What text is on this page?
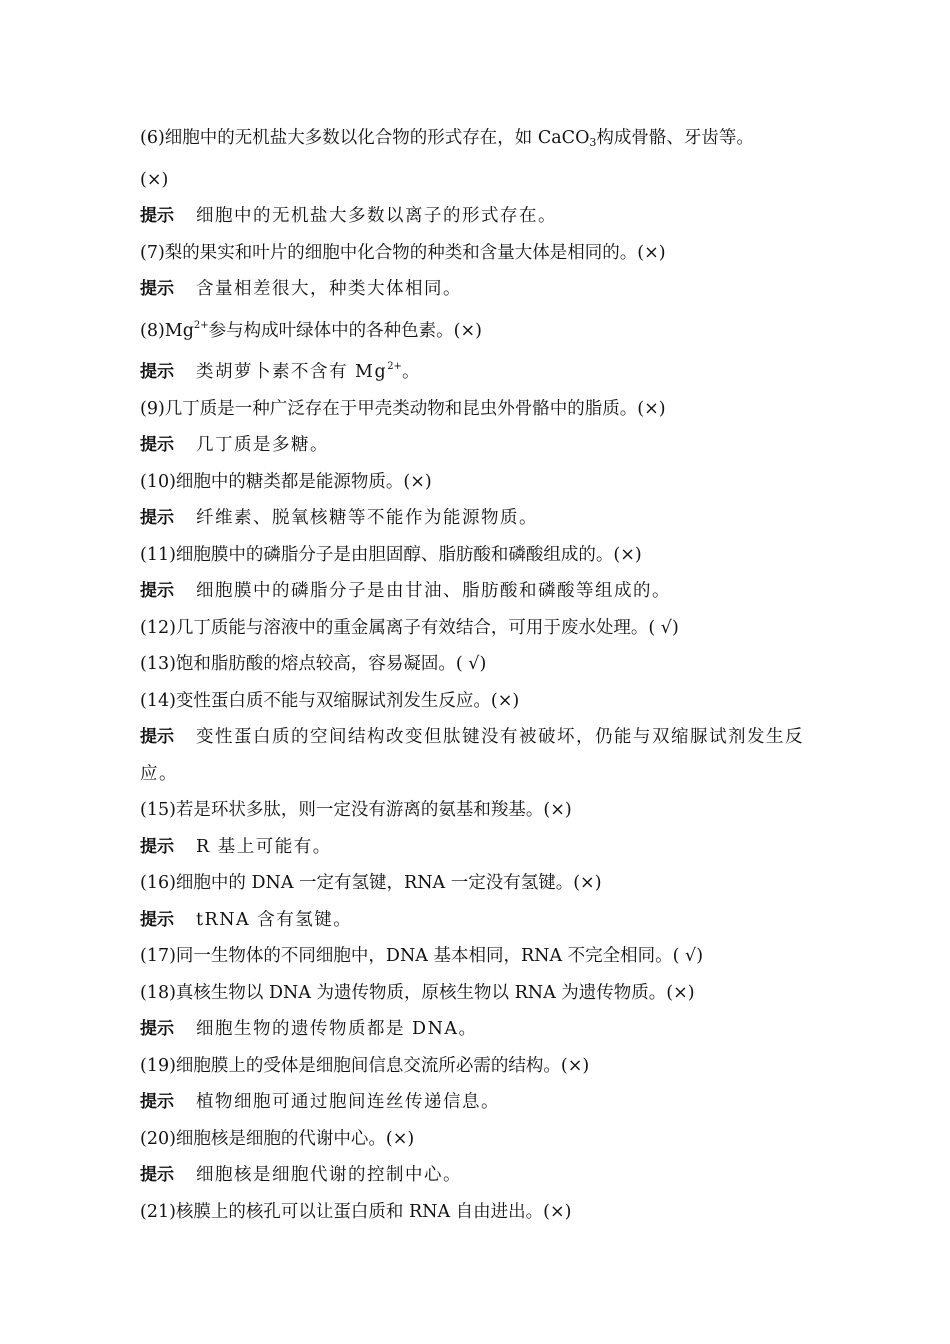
(6)细胞中的无机盐大多数以化合物的形式存在，如 CaCO$_3$构成骨骼、牙齿等。
(×)
提示 细胞中的无机盐大多数以离子的形式存在。
(7)梨的果实和叶片的细胞中化合物的种类和含量大体是相同的。(×)
提示 含量相差很大，种类大体相同。
$(8)Mg^{2+}$参与构成叶绿体中的各种色素。(×)
提示 类胡萝卜素不含有 $Mg^{2+}$。
(9)几丁质是一种广泛存在于甲壳类动物和昆虫外骨骼中的脂质。(×)
提示 几丁质是多糖。
(10)细胞中的糖类都是能源物质。(×)
提示 纤维素、脱氧核糖等不能作为能源物质。
(11)细胞膜中的磷脂分子是由胆固醇、脂肪酸和磷酸组成的。(×)
提示 细胞膜中的磷脂分子是由甘油、脂肪酸和磷酸等组成的。
(12)几丁质能与溶液中的重金属离子有效结合，可用于废水处理。( √)
(13)饱和脂肪酸的熔点较高，容易凝固。( √)
(14)变性蛋白质不能与双缩脲试剂发生反应。(×)
提示 变性蛋白质的空间结构改变但肽键没有被破坏，仍能与双缩脲试剂发生反
应。
(15)若是环状多肽，则一定没有游离的氨基和羧基。(×)
提示 R 基上可能有。
(16)细胞中的 DNA 一定有氢键，RNA 一定没有氢键。(×)
提示 tRNA 含有氢键。
(17)同一生物体的不同细胞中，DNA 基本相同，RNA 不完全相同。( √)
(18)真核生物以 DNA 为遗传物质，原核生物以 RNA 为遗传物质。(×)
提示 细胞生物的遗传物质都是 DNA。
(19)细胞膜上的受体是细胞间信息交流所必需的结构。(×)
提示 植物细胞可通过胞间连丝传递信息。
(20)细胞核是细胞的代谢中心。(×)
提示 细胞核是细胞代谢的控制中心。
(21)核膜上的核孔可以让蛋白质和 RNA 自由进出。(×)
